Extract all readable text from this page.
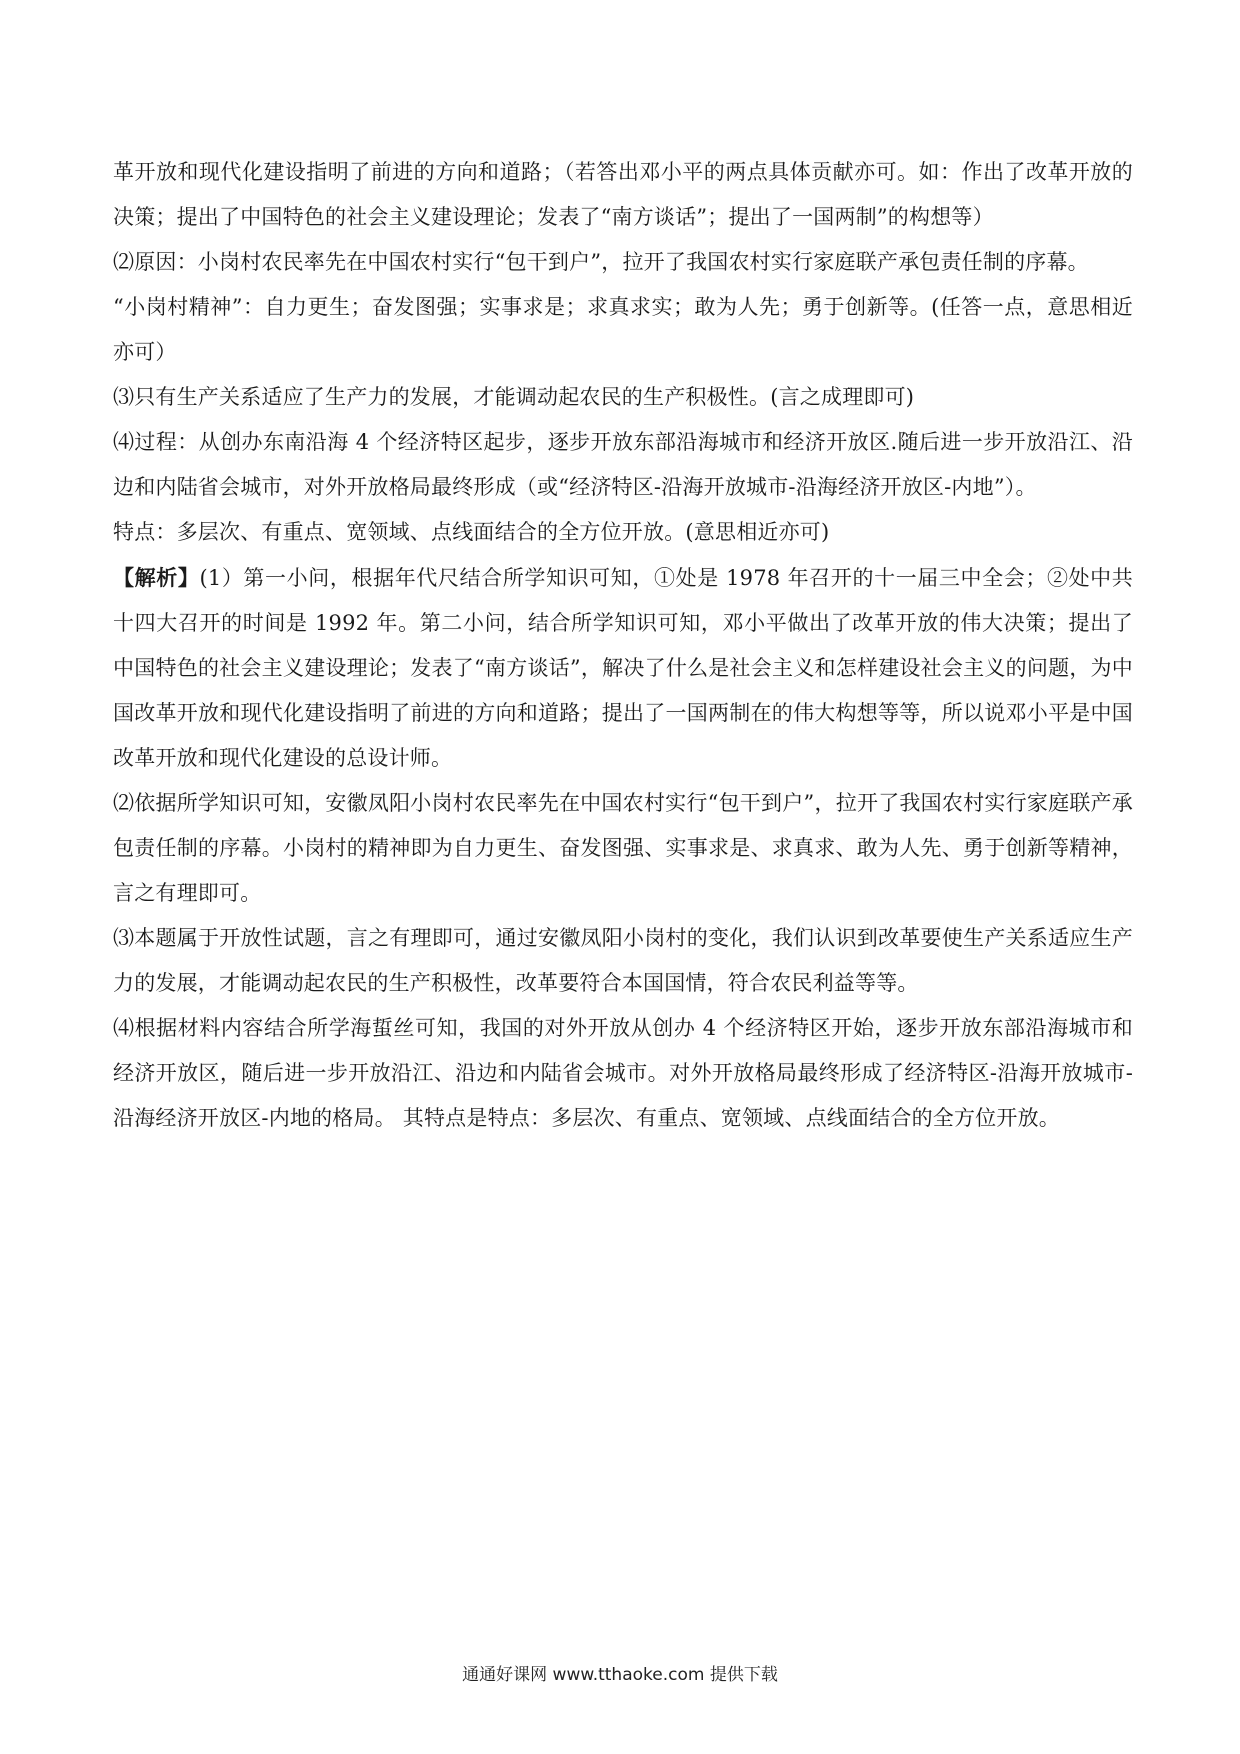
革开放和现代化建设指明了前进的方向和道路；（若答出邓小平的两点具体贡献亦可。如：作出了改革开放的决策；提出了中国特色的社会主义建设理论；发表了“南方谈话”；提出了一国两制”的构想等）

⑵原因：小岗村农民率先在中国农村实行“包干到户”，拉开了我国农村实行家庭联产承包责任制的序幕。

“小岗村精神”：自力更生；奋发图强；实事求是；求真求实；敢为人先；勇于创新等。(任答一点，意思相近亦可）

⑶只有生产关系适应了生产力的发展，才能调动起农民的生产积极性。(言之成理即可)

⑷过程：从创办东南沿海 4 个经济特区起步，逐步开放东部沿海城市和经济开放区.随后进一步开放沿江、沿边和内陆省会城市，对外开放格局最终形成（或“经济特区-沿海开放城市-沿海经济开放区-内地”）。

特点：多层次、有重点、宽领域、点线面结合的全方位开放。(意思相近亦可)

【解析】(1）第一小问，根据年代尺结合所学知识可知，①处是 1978 年召开的十一届三中全会；②处中共十四大召开的时间是 1992 年。第二小问，结合所学知识可知，邓小平做出了改革开放的伟大决策；提出了中国特色的社会主义建设理论；发表了“南方谈话”，解决了什么是社会主义和怎样建设社会主义的问题，为中国改革开放和现代化建设指明了前进的方向和道路；提出了一国两制在的伟大构想等等，所以说邓小平是中国改革开放和现代化建设的总设计师。

⑵依据所学知识可知，安徽凤阳小岗村农民率先在中国农村实行“包干到户”，拉开了我国农村实行家庭联产承包责任制的序幕。小岗村的精神即为自力更生、奋发图强、实事求是、求真求、敢为人先、勇于创新等精神，言之有理即可。

⑶本题属于开放性试题，言之有理即可，通过安徽凤阳小岗村的变化，我们认识到改革要使生产关系适应生产力的发展，才能调动起农民的生产积极性，改革要符合本国国情，符合农民利益等等。

⑷根据材料内容结合所学海蜇丝可知，我国的对外开放从创办 4 个经济特区开始，逐步开放东部沿海城市和经济开放区，随后进一步开放沿江、沿边和内陆省会城市。对外开放格局最终形成了经济特区-沿海开放城市-沿海经济开放区-内地的格局。 其特点是特点：多层次、有重点、宽领域、点线面结合的全方位开放。

通通好课网 www.tthaoke.com 提供下载
